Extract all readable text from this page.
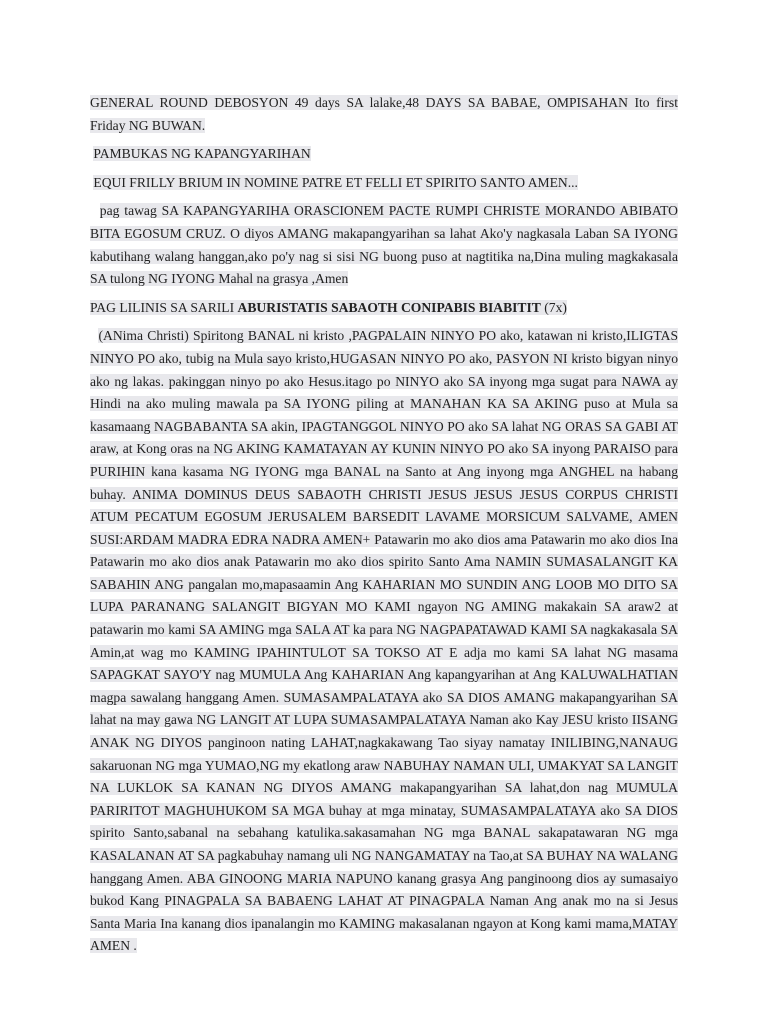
GENERAL ROUND DEBOSYON 49 days SA lalake,48 DAYS SA BABAE, OMPISAHAN Ito first Friday NG BUWAN.

PAMBUKAS NG KAPANGYARIHAN

EQUI FRILLY BRIUM IN NOMINE PATRE ET FELLI ET SPIRITO SANTO AMEN...

pag tawag SA KAPANGYARIHA ORASCIONEM PACTE RUMPI CHRISTE MORANDO ABIBATO BITA EGOSUM CRUZ. O diyos AMANG makapangyarihan sa lahat Ako'y nagkasala Laban SA IYONG kabutihang walang hanggan,ako po'y nag si sisi NG buong puso at nagtitika na,Dina muling magkakasala SA tulong NG IYONG Mahal na grasya ,Amen

PAG LILINIS SA SARILI ABURISTATIS SABAOTH CONIPABIS BIABITIT (7x)

(ANima Christi) Spiritong BANAL ni kristo ,PAGPALAIN NINYO PO ako, katawan ni kristo,ILIGTAS NINYO PO ako, tubig na Mula sayo kristo,HUGASAN NINYO PO ako, PASYON NI kristo bigyan ninyo ako ng lakas. pakinggan ninyo po ako Hesus.itago po NINYO ako SA inyong mga sugat para NAWA ay Hindi na ako muling mawala pa SA IYONG piling at MANAHAN KA SA AKING puso at Mula sa kasamaang NAGBABANTA SA akin, IPAGTANGGOL NINYO PO ako SA lahat NG ORAS SA GABI AT araw, at Kong oras na NG AKING KAMATAYAN AY KUNIN NINYO PO ako SA inyong PARAISO para PURIHIN kana kasama NG IYONG mga BANAL na Santo at Ang inyong mga ANGHEL na habang buhay. ANIMA DOMINUS DEUS SABAOTH CHRISTI JESUS JESUS JESUS CORPUS CHRISTI ATUM PECATUM EGOSUM JERUSALEM BARSEDIT LAVAME MORSICUM SALVAME, AMEN SUSI:ARDAM MADRA EDRA NADRA AMEN+ Patawarin mo ako dios ama Patawarin mo ako dios Ina Patawarin mo ako dios anak Patawarin mo ako dios spirito Santo Ama NAMIN SUMASALANGIT KA SABAHIN ANG pangalan mo,mapasaamin Ang KAHARIAN MO SUNDIN ANG LOOB MO DITO SA LUPA PARANANG SALANGIT BIGYAN MO KAMI ngayon NG AMING makakain SA araw2 at patawarin mo kami SA AMING mga SALA AT ka para NG NAGPAPATAWAD KAMI SA nagkakasala SA Amin,at wag mo KAMING IPAHINTULOT SA TOKSO AT E adja mo kami SA lahat NG masama SAPAGKAT SAYO'Y nag MUMULA Ang KAHARIAN Ang kapangyarihan at Ang KALUWALHATIAN magpa sawalang hanggang Amen. SUMASAMPALATAYA ako SA DIOS AMANG makapangyarihan SA lahat na may gawa NG LANGIT AT LUPA SUMASAMPALATAYA Naman ako Kay JESU kristo IISANG ANAK NG DIYOS panginoon nating LAHAT,nagkakawang Tao siyay namatay INILIBING,NANAUG sakaruonan NG mga YUMAO,NG my ekatlong araw NABUHAY NAMAN ULI, UMAKYAT SA LANGIT NA LUKLOK SA KANAN NG DIYOS AMANG makapangyarihan SA lahat,don nag MUMULA PARIRITOT MAGHUHUKOM SA MGA buhay at mga minatay, SUMASAMPALATAYA ako SA DIOS spirito Santo,sabanal na sebahang katulika.sakasamahan NG mga BANAL sakapatawaran NG mga KASALANAN AT SA pagkabuhay namang uli NG NANGAMATAY na Tao,at SA BUHAY NA WALANG hanggang Amen. ABA GINOONG MARIA NAPUNO kanang grasya Ang panginoong dios ay sumasaiyo bukod Kang PINAGPALA SA BABAENG LAHAT AT PINAGPALA Naman Ang anak mo na si Jesus Santa Maria Ina kanang dios ipanalangin mo KAMING makasalanan ngayon at Kong kami mama,MATAY AMEN .
